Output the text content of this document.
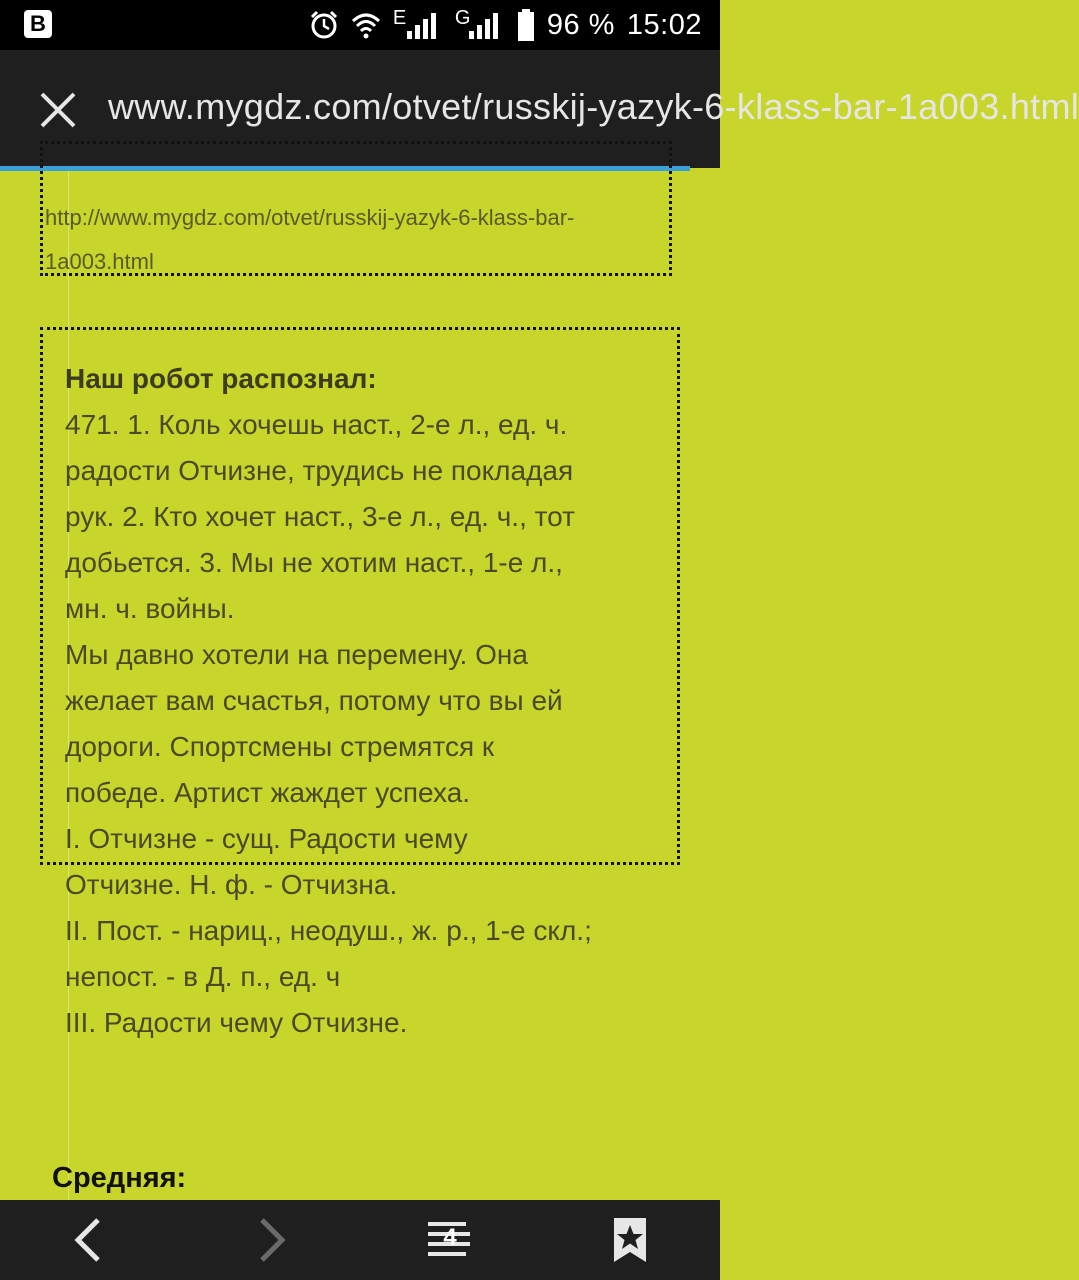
B	E G	96 % 15:02
www.mygdz.com/otvet/russkij-yazyk-6-klass-bar-1a003.html
http://www.mygdz.com/otvet/russkij-yazyk-6-klass-bar-1a003.html
Наш робот распознал:
471. 1. Коль хочешь наст., 2-е л., ед. ч.
радости Отчизне, трудись не покладая
рук. 2. Кто хочет наст., 3-е л., ед. ч., тот
добьется. 3. Мы не хотим наст., 1-е л.,
мн. ч. войны.
Мы давно хотели на перемену. Она
желает вам счастья, потому что вы ей
дороги. Спортсмены стремятся к
победе. Артист жаждет успеха.
I. Отчизне - сущ. Радости чему
Отчизне. Н. ф. - Отчизна.
II. Пост. - нариц., неодуш., ж. р., 1-е скл.;
непост. - в Д. п., ед. ч
III. Радости чему Отчизне.
Средняя:
4
